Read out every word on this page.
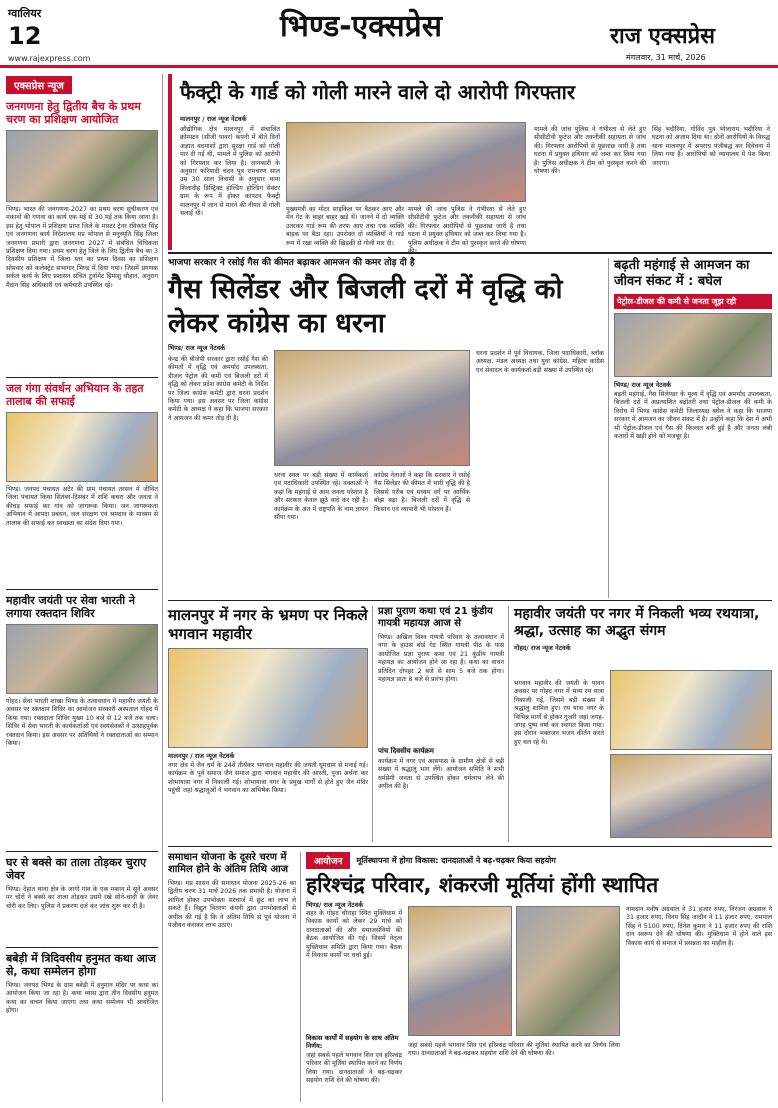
ग्वालियर
12
www.rajexpress.com
भिण्ड-एक्सप्रेस	राज एक्सप्रेस
मंगलवार, 31 मार्च, 2026
एक्सप्रेस न्यूज
जनगणना हेतु द्वितीय बैच के प्रथम चरण का प्रशिक्षण आयोजित
भिण्ड। भारत की जनगणना-2027 का प्रथम चरण सुचीकरण एवं मकानों की गणना का कार्य एक मई से 30 मई तक किया जाना है। इस हेतु भोपाल में प्रशिक्षण प्राप्त जिले के मास्टर ट्रेनर रविकांत सिंह एवं जनगणना कार्य निदेशालय मप्र भोपाल से मनुस्मृति सिंह जिला जनगणना प्रभारी द्वारा जनगणना 2027 में संबंधित विधिकता प्रशिक्षण दिया गया। प्रथम चरण हेतु जिले के लिए द्वितीय बैच का 3 दिवसीय प्रशिक्षण में जिला स्तर का प्रथम दिवस का प्रशिक्षण सोमवार को कलेक्ट्रेट सभागार भिण्ड में दिया गया। जिसमें प्रगणक सर्कल कार्य के लिए प्रशासन संचित टूर्नामेंट हिमांशु चौहान, अनुराग मैदान सिंह अधिकारी एवं कर्मचारी उपस्थित रहे।
जल गंगा संवर्धन अभियान के तहत तालाब की सफाई
भिण्ड। जनपद पंचायत अटेर की ग्राम पंचायत तरसन में जीवित जिला पंचायत किया सितंबर-दिसंबर में राशि कचरा और जनता ने कीचड़ सफाई कर गांव को जागरूक किया। जन जागरूकता अभियान में आपदा प्रबंधन, जल संरक्षण एवं श्रमदान के माध्यम से तालाब की सफाई कर स्वच्छता का संदेश दिया गया।
महावीर जयंती पर सेवा भारती ने लगाया रक्तदान शिविर
गोहद। सेवा भारती शाखा भिण्ड के तत्वावधान में महावीर जयंती के अवसर पर रक्तदान शिविर का आयोजन सरकारी अस्पताल गोहद में किया गया। रक्तदाता शिविर मुख्य 10 बजे से 12 बजे तक चला। शिविर में सेवा भारती के कार्यकर्ताओं एवं स्वयंसेवकों ने उत्साहपूर्वक रक्तदान किया। इस अवसर पर अतिथियों ने रक्तदाताओं का सम्मान किया।
घर से बक्से का ताला तोड़कर चुराए जेवर
भिण्ड। देहात थाना क्षेत्र के जागो गांव के एक मकान में सूने अवसर पर चोरों ने बक्से का ताला तोड़कर उसमें रखे सोने-चांदी के जेवर चोरी कर लिए। पुलिस ने प्रकरण दर्ज कर जांच शुरू कर दी है।
बबेड़ी में त्रिदिवसीय हनुमत कथा आज से, कथा सम्मेलन होगा
भिण्ड। जनपद भिण्ड के ग्राम बबेड़ी में हनुमान मंदिर पर कथा का आयोजन किया जा रहा है। कथा व्यास द्वारा तीन दिवसीय हनुमत कथा का वाचन किया जाएगा तथा कथा सम्मेलन भी आयोजित होगा।
फैक्ट्री के गार्ड को गोली मारने वाले दो आरोपी गिरफ्तार
मालनपुर / राज न्यूज नेटवर्क
औद्योगिक क्षेत्र मालनपुर में संचालित क्रोम्पटन (सीजी पावर) कंपनी में बीते दिनों अज्ञात बदमाशों द्वारा सुरक्षा गार्ड को गोली मार दी गई थी, मामले में पुलिस को आरोपी को गिरफ्तार कर लिया है। जानकारी के अनुसार फरियादी चंदन पुत्र रामचरण साल उम्र 30 साल निवासी के अनुसार थाना शिलादीह डिस्ट्रिक्ट होल्डिंग होल्डिंग सेक्टर ग्राम के रूप में होकर कांपटन फैक्ट्री मालनपुर में जान से मारने की नीयत से गोली चलाई थी।
मुख्यमंत्री का मोटर साइकिल पर बैठकर आए और मेन गेट के बाहर बाहर खड़े थे। जानने में दो व्यक्ति उतरकर गार्ड रूम की तरफ आए तथा एक व्यक्ति बाइक पर बैठा रहा। उपरोक्त दो व्यक्तियों ने गार्ड रूम में रखा व्यक्ति की खिड़की से गोली मार दी।
मामले की जांच पुलिस ने गंभीरता से लेते हुए सीसीटीवी फुटेज और तकनीकी सहायता से जांच की। गिरफ्तार आरोपियों से पूछताछ जारी है तथा घटना में प्रयुक्त हथियार को जब्त कर लिया गया है। पुलिस अधीक्षक ने टीम को पुरस्कृत करने की घोषणा
मामले की जांच पुलिस ने गंभीरता से लेते हुए सीसीटीवी फुटेज और तकनीकी सहायता से जांच की। गिरफ्तार आरोपियों से पूछताछ जारी है तथा घटना में प्रयुक्त हथियार को जब्त कर लिया गया है। पुलिस अधीक्षक ने टीम को पुरस्कृत करने की घोषणा की।
सिंह भदौरिया, गोविंद पुत्र भोलाराम भदौरिया ने घटना को अंजाम दिया था। दोनों आरोपियों के विरुद्ध थाना मालनपुर में अपराध पंजीबद्ध कर विवेचना में लिया गया है। आरोपियों को न्यायालय में पेश किया जाएगा।
भाजपा सरकार ने रसोई गैस की कीमत बढ़ाकर आमजन की कमर तोड़ दी है
गैस सिलेंडर और बिजली दरों में वृद्धि को लेकर कांग्रेस का धरना
भिण्ड/ राज न्यूज नेटवर्क
केन्द्र की बीजेपी सरकार द्वारा रसोई गैस की कीमतों में वृद्धि एवं अमर्याद उपलब्धता, डीजल पेट्रोल की कमी एवं बिजली दरों में वृद्धि को लेकर प्रदेश कांग्रेस कमेटी के निर्देश पर जिला कांग्रेस कमेटी द्वारा धरना प्रदर्शन किया गया। इस अवसर पर जिला कांग्रेस कमेटी के अध्यक्ष ने कहा कि भाजपा सरकार ने आमजन की कमर तोड़ दी है।
धरना स्थल पर बड़ी संख्या में कार्यकर्ता एवं पदाधिकारी उपस्थित रहे। वक्ताओं ने कहा कि महंगाई से आम जनता परेशान है और सरकार केवल झूठे वादे कर रही है। कार्यक्रम के अंत में राष्ट्रपति के नाम ज्ञापन सौंपा गया।
कांग्रेस नेताओं ने कहा कि सरकार ने रसोई गैस सिलेंडर की कीमत में भारी वृद्धि की है जिससे गरीब एवं मध्यम वर्ग पर आर्थिक बोझ बढ़ा है। बिजली दरों में वृद्धि से किसान एवं व्यापारी भी परेशान हैं।
धरना प्रदर्शन में पूर्व विधायक, जिला पदाधिकारी, ब्लॉक अध्यक्ष, मंडल अध्यक्ष तथा युवा कांग्रेस, महिला कांग्रेस एवं सेवादल के कार्यकर्ता बड़ी संख्या में उपस्थित रहे।
बढ़ती महंगाई से आमजन का जीवन संकट में : बघेल
पेट्रोल-डीजल की कमी से जनता जूझ रही
भिण्ड/ राज न्यूज नेटवर्क
बढ़ती महंगाई, गैस सिलेण्डर के मूल्य में वृद्धि एवं अमर्याद उपलब्धता, बिजली दरों में अप्रत्याशित बढ़ोतरी तथा पेट्रोल-डीजल की कमी के विरोध में भिण्ड कांग्रेस कमेटी जिलाध्यक्ष बघेल ने कहा कि भाजपा सरकार में आमजन का जीवन संकट में है। उन्होंने कहा कि देश में अभी भी पेट्रोल-डीजल एवं गैस की किल्लत बनी हुई है और जनता लंबी कतारों में खड़ी होने को मजबूर है।
मालनपुर में नगर के भ्रमण पर निकले भगवान महावीर
मालनपुर / राज न्यूज नेटवर्क
नगर क्षेत्र में जैन धर्म के 24वें तीर्थंकर भगवान महावीर की जयंती धूमधाम से मनाई गई। कार्यक्रम के पूर्व समाज जैन समाज द्वारा भगवान महावीर की आरती, पूजा अर्चना कर शोभायात्रा नगर में निकाली गई। शोभायात्रा नगर के प्रमुख मार्गों से होते हुए जैन मंदिर पहुंची जहां श्रद्धालुओं ने भगवान का अभिषेक किया।
प्रज्ञा पुराण कथा एवं 21 कुंडीय गायत्री महायज्ञ आज से
भिण्ड। अखिल विश्व गायत्री परिवार के तत्वावधान में नगर के हाउस बोर्ड गेट स्थित गायत्री पीठ के पास आयोजित प्रज्ञा पुराण कथा एवं 21 कुंडीय गायत्री महायज्ञ का आयोजन होने जा रहा है। कथा का वाचन प्रतिदिन दोपहर 2 बजे से शाम 5 बजे तक होगा। महायज्ञ प्रातः 8 बजे से प्रारंभ होगा।
पांच दिवसीय कार्यक्रम
कार्यक्रम में नगर एवं आसपास के ग्रामीण क्षेत्रों से बड़ी संख्या में श्रद्धालु भाग लेंगे। आयोजन समिति ने सभी धर्मप्रेमी जनता से उपस्थित होकर धर्मलाभ लेने की अपील की है।
महावीर जयंती पर नगर में निकली भव्य रथयात्रा, श्रद्धा, उत्साह का अद्भुत संगम
गोहद/ राज न्यूज नेटवर्क
भगवान महावीर की जयंती के पावन अवसर पर गोहद नगर में भव्य रथ यात्रा निकाली गई, जिसमें बड़ी संख्या में श्रद्धालु शामिल हुए। रथ यात्रा नगर के विभिन्न मार्गों से होकर गुजरी जहां जगह-जगह पुष्प वर्षा कर स्वागत किया गया। इस दौरान भक्तजन भजन कीर्तन करते हुए चल रहे थे।
समाधान योजना के दूसरे चरण में शामिल होने के अंतिम तिथि आज
भिण्ड। मप्र शासन की समाधान योजना 2025-26 का द्वितीय चरण 31 मार्च 2026 तक प्रभावी है। योजना में शामिल होकर उपभोक्ता सरचार्ज में छूट का लाभ ले सकते हैं। विद्युत वितरण कंपनी द्वारा उपभोक्ताओं से अपील की गई है कि वे अंतिम तिथि से पूर्व योजना में पंजीयन कराकर लाभ उठाएं।
आयोजन	मूर्तिस्थापना में होगा विकास: दानदाताओं ने बढ़-चढ़कर किया सहयोग
हरिश्चंद्र परिवार, शंकरजी मूर्तियां होंगी स्थापित
भिण्ड/ राज न्यूज नेटवर्क
शहर के गोहद चौराहा स्थित मुक्तिधाम में विकास कार्यों को लेकर 29 मार्च को दानदाताओं की और समाजसेवियों की बैठक आयोजित की गई। जिसमें नेतृत्व मुक्तिधाम समिति द्वारा किया गया। बैठक में विकास कार्यों पर चर्चा हुई।
विकास कार्यों में सहयोग के साथ अंतिम निर्णय:
जहां सबसे पहले भगवान शिव एवं हरिश्चंद्र परिवार की मूर्तियां स्थापित करने का निर्णय लिया गया। दानदाताओं ने बढ़-चढ़कर सहयोग राशि देने की घोषणा की।
जहां सबसे पहले भगवान शिव एवं हरिश्चंद्र परिवार की मूर्तियां स्थापित करने का निर्णय लिया गया। दानदाताओं ने बढ़-चढ़कर सहयोग राशि देने की घोषणा की।
नामदान मनीष अग्रवाल ने 31 हजार रुपए, निरंजन अग्रवाल ने 31 हजार रुपए, विनय सिंह जादौन ने 11 हजार रुपए, रामपाल सिंह ने 5100 रुपए, दिनेश कुमार ने 11 हजार रुपए की राशि दान स्वरूप देने की घोषणा की। मुक्तिधाम में होने वाले इस विकास कार्य से समाज में प्रसन्नता का माहौल है।
